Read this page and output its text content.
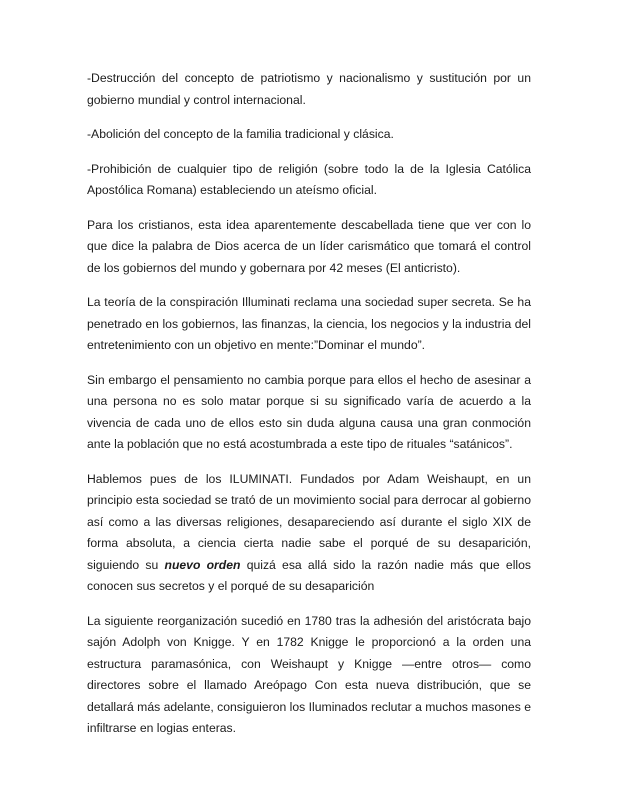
-Destrucción del concepto de patriotismo y nacionalismo y sustitución por un gobierno mundial y control internacional.

-Abolición del concepto de la familia tradicional y clásica.

-Prohibición de cualquier tipo de religión (sobre todo la de la Iglesia Católica Apostólica Romana) estableciendo un ateísmo oficial.

Para los cristianos, esta idea aparentemente descabellada tiene que ver con lo que dice la palabra de Dios acerca de un líder carismático que tomará el control de los gobiernos del mundo y gobernara por 42 meses (El anticristo).

La teoría de la conspiración Illuminati reclama una sociedad super secreta. Se ha penetrado en los gobiernos, las finanzas, la ciencia, los negocios y la industria del entretenimiento con un objetivo en mente:”Dominar el mundo”.

Sin embargo el pensamiento no cambia porque para ellos el hecho de asesinar a una persona no es solo matar porque si su significado varía de acuerdo a la vivencia de cada uno de ellos esto sin duda alguna causa una gran conmoción ante la población que no está acostumbrada a este tipo de rituales “satánicos”.

Hablemos pues de los ILUMINATI. Fundados por Adam Weishaupt, en un principio esta sociedad se trató de un movimiento social para derrocar al gobierno así como a las diversas religiones, desapareciendo así durante el siglo XIX de forma absoluta, a ciencia cierta nadie sabe el porqué de su desaparición, siguiendo su nuevo orden quizá esa allá sido la razón nadie más que ellos conocen sus secretos y el porqué de su desaparición

La siguiente reorganización sucedió en 1780 tras la adhesión del aristócrata bajo sajón Adolph von Knigge. Y en 1782 Knigge le proporcionó a la orden una estructura paramasónica, con Weishaupt y Knigge —entre otros— como directores sobre el llamado Areópago Con esta nueva distribución, que se detallará más adelante, consiguieron los Iluminados reclutar a muchos masones e infiltrarse en logias enteras.
